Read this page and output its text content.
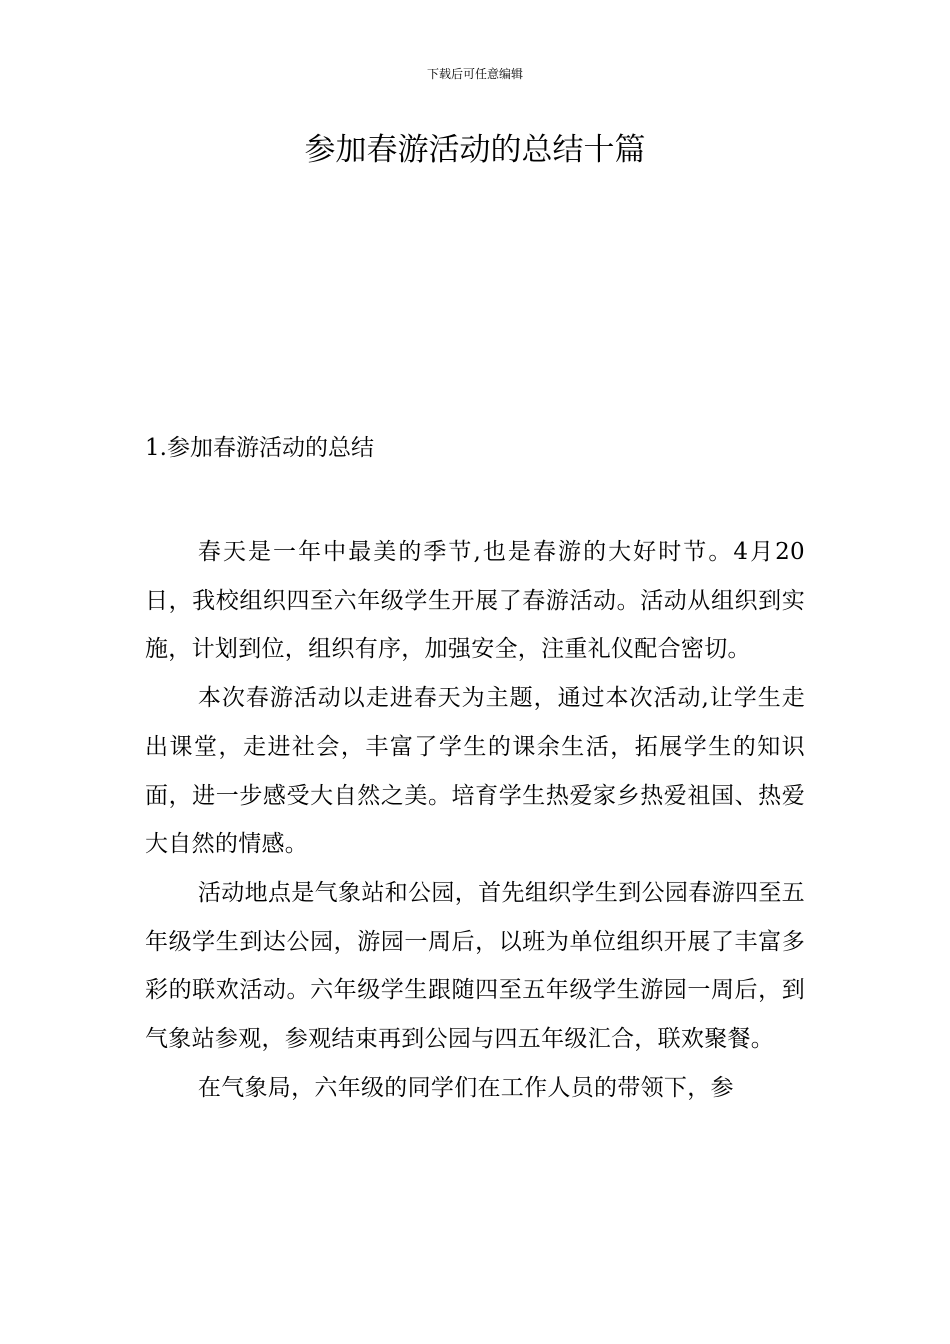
下载后可任意编辑
参加春游活动的总结十篇
1.参加春游活动的总结

春天是一年中最美的季节,也是春游的大好时节。4月20日，我校组织四至六年级学生开展了春游活动。活动从组织到实施，计划到位，组织有序，加强安全，注重礼仪配合密切。

本次春游活动以走进春天为主题，通过本次活动,让学生走出课堂，走进社会，丰富了学生的课余生活，拓展学生的知识面，进一步感受大自然之美。培育学生热爱家乡热爱祖国、热爱大自然的情感。

活动地点是气象站和公园，首先组织学生到公园春游四至五年级学生到达公园，游园一周后，以班为单位组织开展了丰富多彩的联欢活动。六年级学生跟随四至五年级学生游园一周后，到气象站参观，参观结束再到公园与四五年级汇合，联欢聚餐。

在气象局，六年级的同学们在工作人员的带领下，参
